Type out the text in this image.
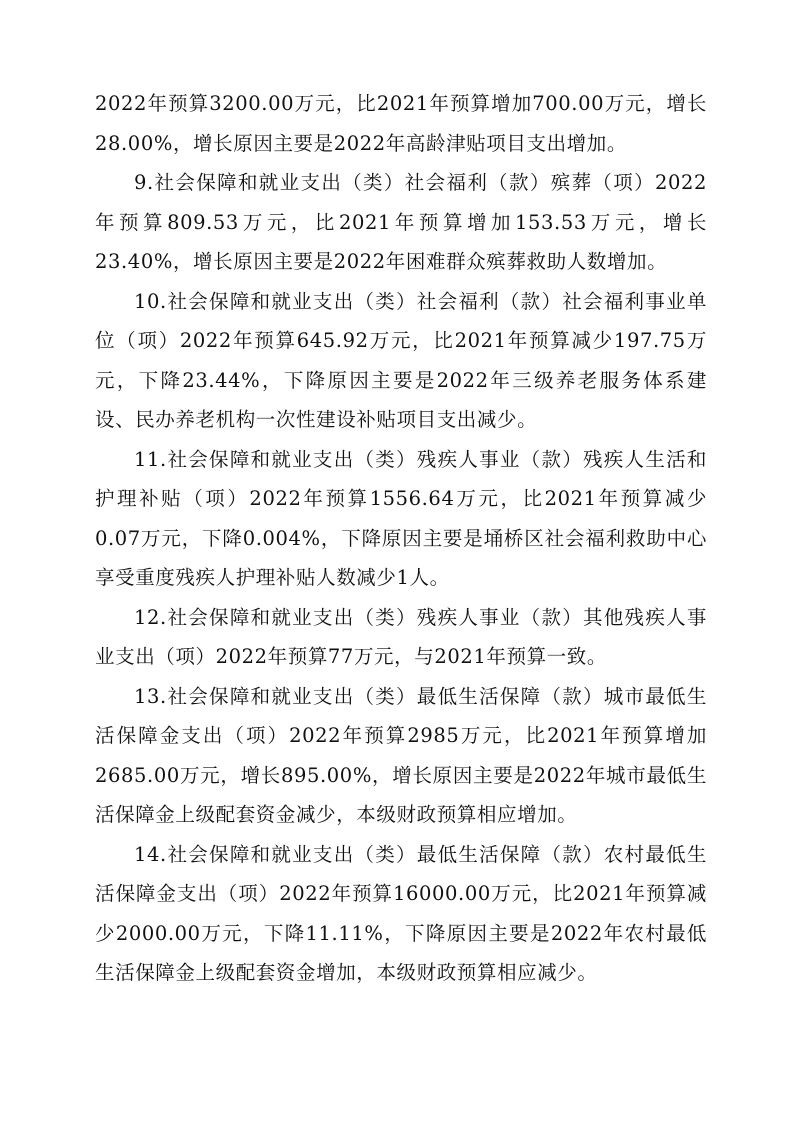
2022年预算3200.00万元，比2021年预算增加700.00万元，增长28.00%，增长原因主要是2022年高龄津贴项目支出增加。

9.社会保障和就业支出（类）社会福利（款）殡葬（项）2022年预算809.53万元，比2021年预算增加153.53万元，增长23.40%，增长原因主要是2022年困难群众殡葬救助人数增加。

10.社会保障和就业支出（类）社会福利（款）社会福利事业单位（项）2022年预算645.92万元，比2021年预算减少197.75万元，下降23.44%，下降原因主要是2022年三级养老服务体系建设、民办养老机构一次性建设补贴项目支出减少。

11.社会保障和就业支出（类）残疾人事业（款）残疾人生活和护理补贴（项）2022年预算1556.64万元，比2021年预算减少0.07万元，下降0.004%，下降原因主要是埇桥区社会福利救助中心享受重度残疾人护理补贴人数减少1人。

12.社会保障和就业支出（类）残疾人事业（款）其他残疾人事业支出（项）2022年预算77万元，与2021年预算一致。

13.社会保障和就业支出（类）最低生活保障（款）城市最低生活保障金支出（项）2022年预算2985万元，比2021年预算增加2685.00万元，增长895.00%，增长原因主要是2022年城市最低生活保障金上级配套资金减少，本级财政预算相应增加。

14.社会保障和就业支出（类）最低生活保障（款）农村最低生活保障金支出（项）2022年预算16000.00万元，比2021年预算减少2000.00万元，下降11.11%，下降原因主要是2022年农村最低生活保障金上级配套资金增加，本级财政预算相应减少。
